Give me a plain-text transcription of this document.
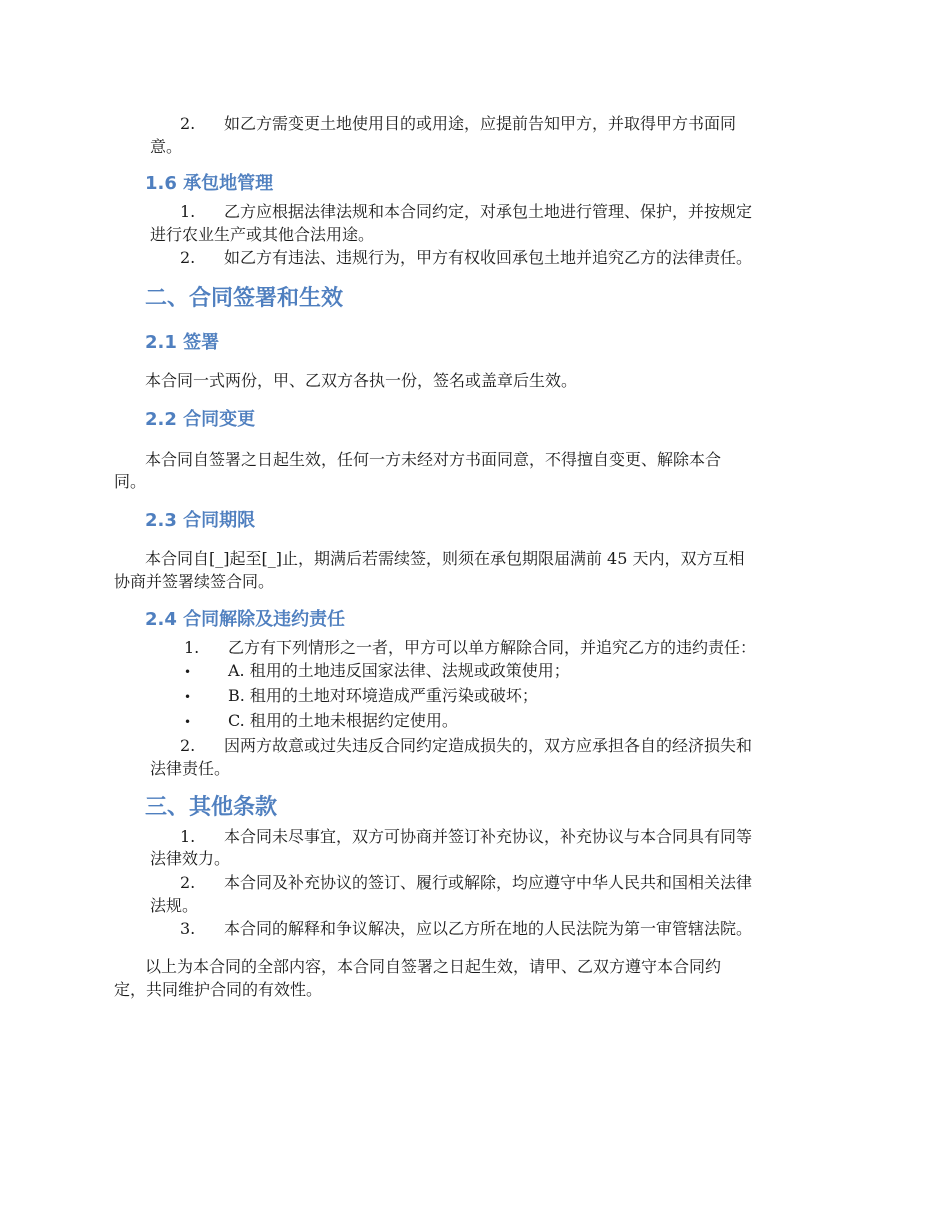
2. 如乙方需变更土地使用目的或用途，应提前告知甲方，并取得甲方书面同
意。
1.6 承包地管理
1. 乙方应根据法律法规和本合同约定，对承包土地进行管理、保护，并按规定
进行农业生产或其他合法用途。
2. 如乙方有违法、违规行为，甲方有权收回承包土地并追究乙方的法律责任。
二、合同签署和生效
2.1 签署
本合同一式两份，甲、乙双方各执一份，签名或盖章后生效。
2.2 合同变更
本合同自签署之日起生效，任何一方未经对方书面同意，不得擅自变更、解除本合
同。
2.3 合同期限
本合同自[_]起至[_]止，期满后若需续签，则须在承包期限届满前 45 天内，双方互相
协商并签署续签合同。
2.4 合同解除及违约责任
1. 乙方有下列情形之一者，甲方可以单方解除合同，并追究乙方的违约责任：
• A. 租用的土地违反国家法律、法规或政策使用；
• B. 租用的土地对环境造成严重污染或破坏；
• C. 租用的土地未根据约定使用。
2. 因两方故意或过失违反合同约定造成损失的，双方应承担各自的经济损失和
法律责任。
三、其他条款
1. 本合同未尽事宜，双方可协商并签订补充协议，补充协议与本合同具有同等
法律效力。
2. 本合同及补充协议的签订、履行或解除，均应遵守中华人民共和国相关法律
法规。
3. 本合同的解释和争议解决，应以乙方所在地的人民法院为第一审管辖法院。
以上为本合同的全部内容，本合同自签署之日起生效，请甲、乙双方遵守本合同约
定，共同维护合同的有效性。
